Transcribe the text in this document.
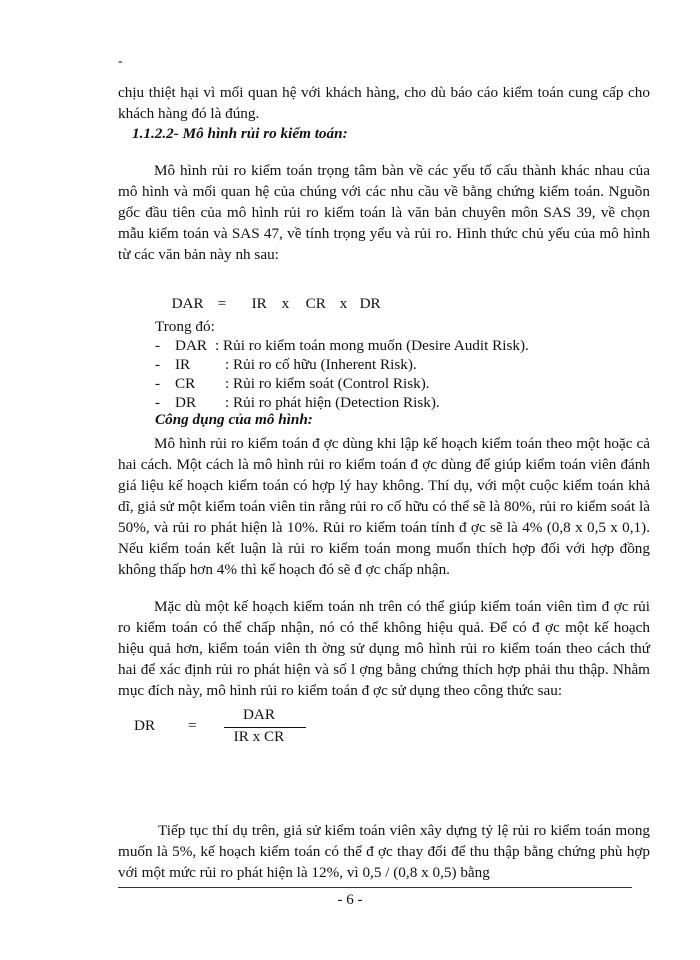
-
chịu thiệt hại vì mối quan hệ với khách hàng, cho dù báo cáo kiểm toán cung cấp cho khách hàng đó là đúng.
1.1.2.2- Mô hình rủi ro kiểm toán:
Mô hình rủi ro kiểm toán trọng tâm bàn về các yếu tố cấu thành khác nhau của mô hình và mối quan hệ của chúng với các nhu cầu về bằng chứng kiểm toán. Nguồn gốc đầu tiên của mô hình rủi ro kiểm toán là văn bản chuyên môn SAS 39, về chọn mẫu kiểm toán và SAS 47, về tính trọng yếu và rủi ro. Hình thức chủ yếu của mô hình từ các văn bản này nh sau:

DAR = IR x CR x DR

Trong đó:
- DAR : Rủi ro kiểm toán mong muốn (Desire Audit Risk).
- IR : Rủi ro cố hữu (Inherent Risk).
- CR : Rủi ro kiểm soát (Control Risk).
- DR : Rủi ro phát hiện (Detection Risk).
Công dụng của mô hình:
Mô hình rủi ro kiểm toán đ ợc dùng khi lập kế hoạch kiểm toán theo một hoặc cả hai cách. Một cách là mô hình rủi ro kiểm toán đ ợc dùng để giúp kiểm toán viên đánh giá liệu kế hoạch kiểm toán có hợp lý hay không. Thí dụ, với một cuộc kiểm toán khả dĩ, giả sử một kiểm toán viên tin rằng rủi ro cố hữu có thể sẽ là 80%, rủi ro kiểm soát là 50%, và rủi ro phát hiện là 10%. Rủi ro kiểm toán tính đ ợc sẽ là 4% (0,8 x 0,5 x 0,1). Nếu kiểm toán kết luận là rủi ro kiểm toán mong muốn thích hợp đối với hợp đồng không thấp hơn 4% thì kế hoạch đó sẽ đ ợc chấp nhận.
Mặc dù một kế hoạch kiểm toán nh trên có thể giúp kiểm toán viên tìm đ ợc rủi ro kiểm toán có thể chấp nhận, nó có thể không hiệu quả. Để có đ ợc một kế hoạch hiệu quả hơn, kiểm toán viên th ờng sử dụng mô hình rủi ro kiểm toán theo cách thứ hai để xác định rủi ro phát hiện và số l ợng bằng chứng thích hợp phải thu thập. Nhằm mục đích này, mô hình rủi ro kiểm toán đ ợc sử dụng theo công thức sau:
DR =
DAR
IR x CR
Tiếp tục thí dụ trên, giả sử kiểm toán viên xây dựng tỷ lệ rủi ro kiểm toán mong muốn là 5%, kế hoạch kiểm toán có thể đ ợc thay đổi để thu thập bằng chứng phù hợp với một mức rủi ro phát hiện là 12%, vì 0,5 / (0,8 x 0,5) bằng
- 6 -
